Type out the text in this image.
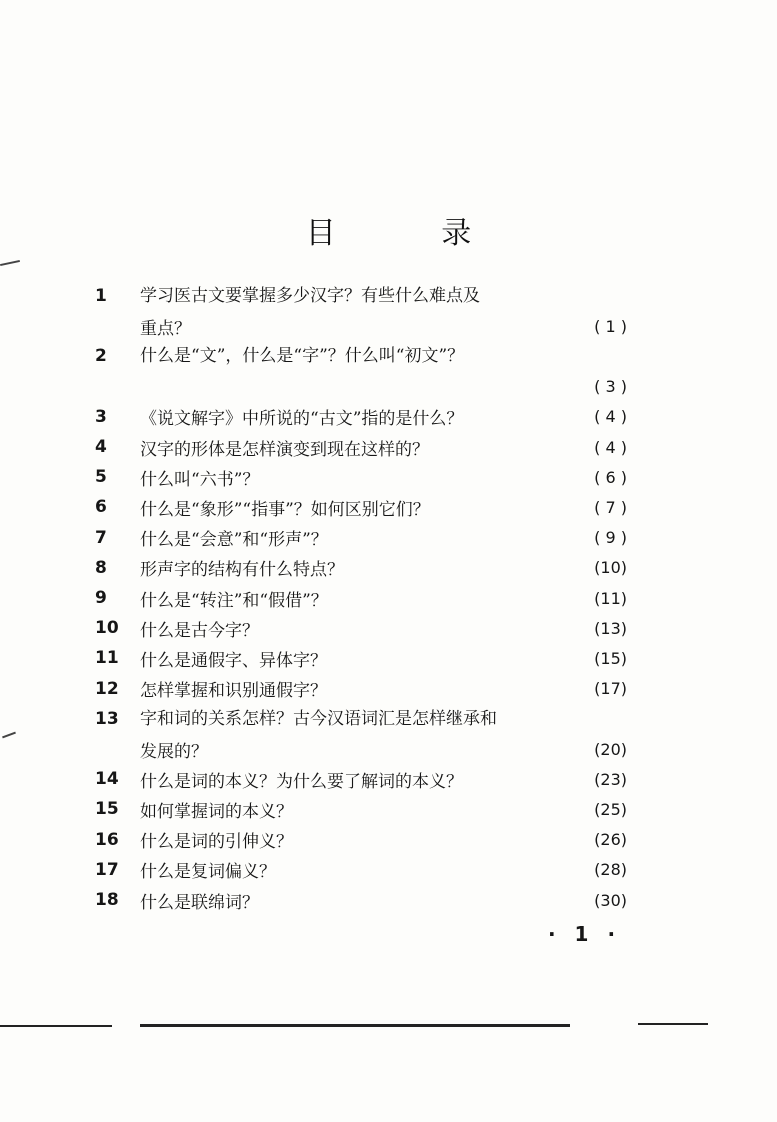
目 录
1	学习医古文要掌握多少汉字？有些什么难点及
重点？	( 1 )
2	什么是“文”，什么是“字”？什么叫“初文”？
( 3 )
3	《说文解字》中所说的“古文”指的是什么？	( 4 )
4	汉字的形体是怎样演变到现在这样的？	( 4 )
5	什么叫“六书”？	( 6 )
6	什么是“象形”“指事”？如何区别它们？	( 7 )
7	什么是“会意”和“形声”？	( 9 )
8	形声字的结构有什么特点？	(10)
9	什么是“转注”和“假借”？	(11)
10	什么是古今字？	(13)
11	什么是通假字、异体字？	(15)
12	怎样掌握和识别通假字？	(17)
13	字和词的关系怎样？古今汉语词汇是怎样继承和
发展的？	(20)
14	什么是词的本义？为什么要了解词的本义？	(23)
15	如何掌握词的本义？	(25)
16	什么是词的引伸义？	(26)
17	什么是复词偏义？	(28)
18	什么是联绵词？	(30)
· 1 ·
